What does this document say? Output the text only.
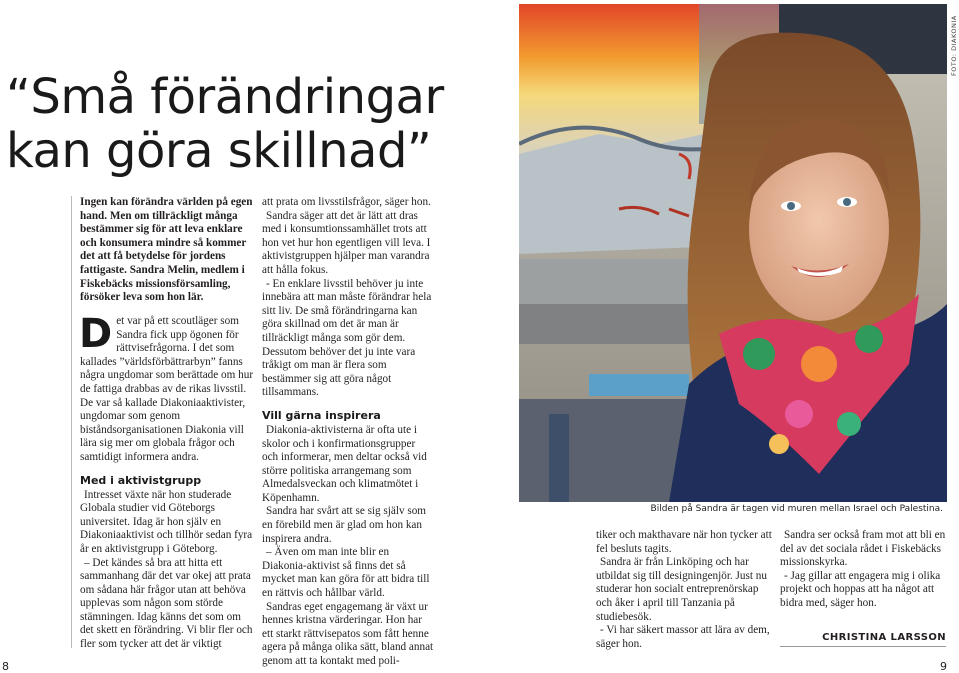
“Små förändringar
kan göra skillnad”
Ingen kan förändra världen på egen hand. Men om tillräckligt många bestämmer sig för att leva enklare och konsumera mindre så kommer det att få betydelse för jordens fattigaste. Sandra Melin, medlem i Fiskebäcks missionsförsamling, försöker leva som hon lär.

Det var på ett scoutläger som Sandra fick upp ögonen för rättvisefrågorna. I det som kallades ”världsförbättrarbyn” fanns några ungdomar som berättade om hur de fattiga drabbas av de rikas livsstil. De var så kallade Diakoniaaktivister, ungdomar som genom biståndsorganisationen Diakonia vill lära sig mer om globala frågor och samtidigt informera andra.

Med i aktivistgrupp

Intresset växte när hon studerade Globala studier vid Göteborgs universitet. Idag är hon själv en Diakoniaaktivist och tillhör sedan fyra år en aktivistgrupp i Göteborg.

– Det kändes så bra att hitta ett sammanhang där det var okej att prata om sådana här frågor utan att behöva upplevas som någon som störde stämningen. Idag känns det som om det skett en förändring. Vi blir fler och fler som tycker att det är viktigt

att prata om livsstilsfrågor, säger hon.

Sandra säger att det är lätt att dras med i konsumtionssamhället trots att hon vet hur hon egentligen vill leva. I aktivistgruppen hjälper man varandra att hålla fokus.

- En enklare livsstil behöver ju inte innebära att man måste förändrar hela sitt liv. De små förändringarna kan göra skillnad om det är man är tillräckligt många som gör dem. Dessutom behöver det ju inte vara tråkigt om man är flera som bestämmer sig att göra något tillsammans.

Vill gärna inspirera

Diakonia-aktivisterna är ofta ute i skolor och i konfirmationsgrupper och informerar, men deltar också vid större politiska arrangemang som Almedalsveckan och klimatmötet i Köpenhamn.

Sandra har svårt att se sig själv som en förebild men är glad om hon kan inspirera andra.

– Även om man inte blir en Diakonia-aktivist så finns det så mycket man kan göra för att bidra till en rättvis och hållbar värld.

Sandras eget engagemang är växt ur hennes kristna värderingar. Hon har ett starkt rättvisepatos som fått henne agera på många olika sätt, bland annat genom att ta kontakt med poli-

FOTO: DIAKONIA
Bilden på Sandra är tagen vid muren mellan Israel och Palestina.

tiker och makthavare när hon tycker att fel besluts tagits.

Sandra är från Linköping och har utbildat sig till designingenjör. Just nu studerar hon socialt entreprenörskap och åker i april till Tanzania på studiebesök.

- Vi har säkert massor att lära av dem, säger hon.

Sandra ser också fram mot att bli en del av det sociala rådet i Fiskebäcks missionskyrka.

- Jag gillar att engagera mig i olika projekt och hoppas att ha något att bidra med, säger hon.

CHRISTINA LARSSON
8	9
